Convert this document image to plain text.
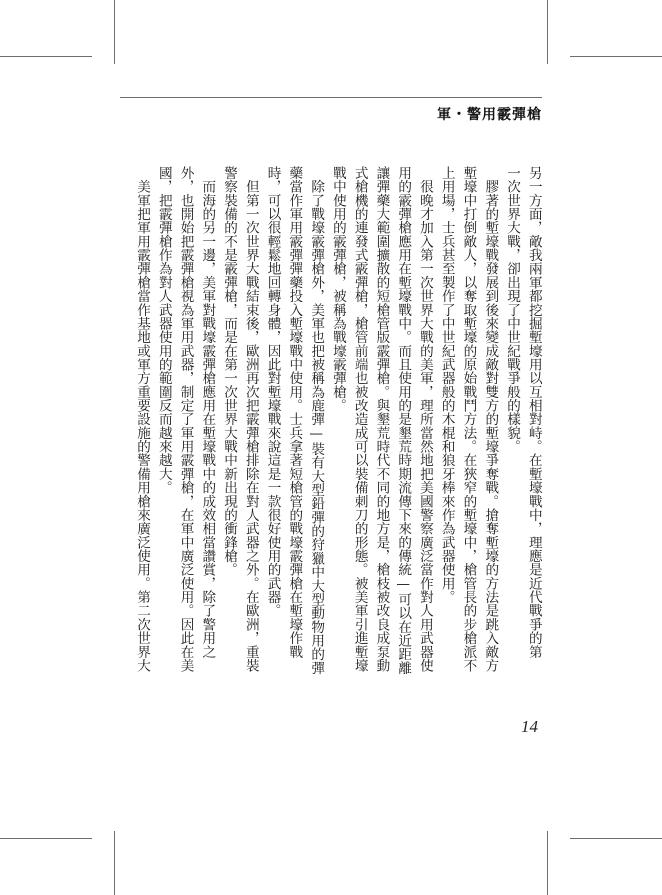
軍・警用霰彈槍
另一方面，敵我兩軍都挖掘塹壕用以互相對峙。在塹壕戰中，理應是近代戰爭的第
一次世界大戰，卻出現了中世紀戰爭般的樣貌。
　膠著的塹壕戰發展到後來變成敵對雙方的塹壕爭奪戰。搶奪塹壕的方法是跳入敵方
塹壕中打倒敵人，以奪取塹壕的原始戰鬥方法。在狹窄的塹壕中，槍管長的步槍派不
上用場，士兵甚至製作了中世紀武器般的木棍和狼牙棒來作為武器使用。
　很晚才加入第一次世界大戰的美軍，理所當然地把美國警察廣泛當作對人用武器使
用的霰彈槍應用在塹壕戰中。而且使用的是墾荒時期流傳下來的傳統—可以在近距離
讓彈藥大範圍擴散的短槍管版霰彈槍。與墾荒時代不同的地方是，槍枝被改良成泵動
式槍機的連發式霰彈槍，槍管前端也被改造成可以裝備刺刀的形態。被美軍引進塹壕
戰中使用的霰彈槍，被稱為戰壕霰彈槍。
　除了戰壕霰彈槍外，美軍也把被稱為鹿彈—裝有大型鉛彈的狩獵中大型動物用的彈
藥當作軍用霰彈彈藥投入塹壕戰中使用。士兵拿著短槍管的戰壕霰彈槍在塹壕作戰
時，可以很輕鬆地回轉身體，因此對塹壕戰來說這是一款很好使用的武器。
　但第一次世界大戰結束後，歐洲再次把霰彈槍排除在對人武器之外。在歐洲，重裝
警察裝備的不是霰彈槍，而是在第一次世界大戰中新出現的衝鋒槍。
　而海的另一邊，美軍對戰壕霰彈槍應用在塹壕戰中的成效相當讚賞，除了警用之
外，也開始把霰彈槍視為軍用武器，制定了軍用霰彈槍，在軍中廣泛使用。因此在美
國，把霰彈槍作為對人武器使用的範圍反而越來越大。
　美軍把軍用霰彈槍當作基地或軍方重要設施的警備用槍來廣泛使用。第二次世界大
14
